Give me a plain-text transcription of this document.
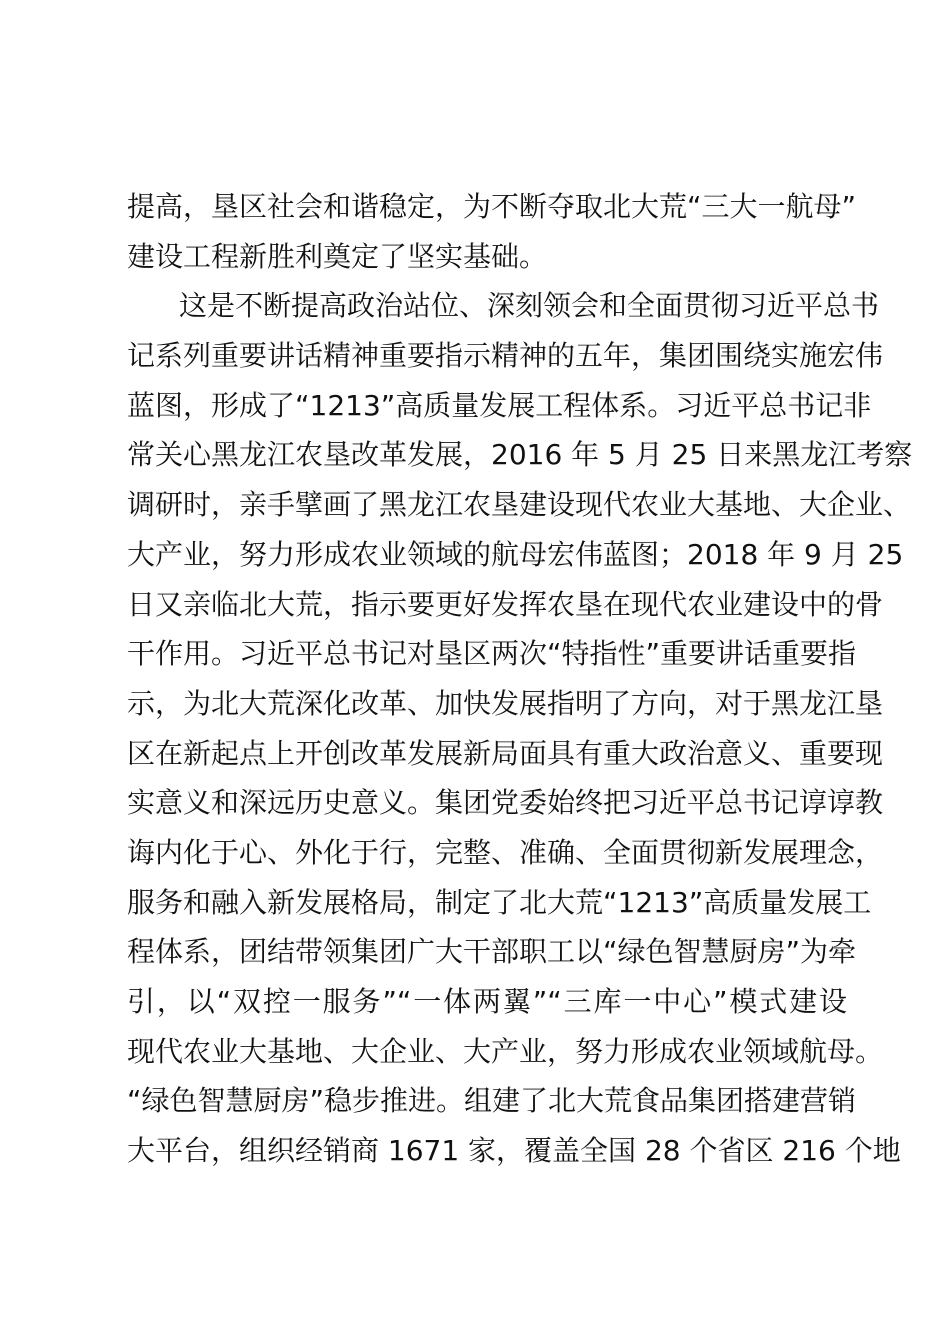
提高，垦区社会和谐稳定，为不断夺取北大荒“三大一航母”
建设工程新胜利奠定了坚实基础。
这是不断提高政治站位、深刻领会和全面贯彻习近平总书
记系列重要讲话精神重要指示精神的五年，集团围绕实施宏伟
蓝图，形成了“1213”高质量发展工程体系。习近平总书记非
常关心黑龙江农垦改革发展，2016 年 5 月 25 日来黑龙江考察
调研时，亲手擘画了黑龙江农垦建设现代农业大基地、大企业、
大产业，努力形成农业领域的航母宏伟蓝图；2018 年 9 月 25
日又亲临北大荒，指示要更好发挥农垦在现代农业建设中的骨
干作用。习近平总书记对垦区两次“特指性”重要讲话重要指
示，为北大荒深化改革、加快发展指明了方向，对于黑龙江垦
区在新起点上开创改革发展新局面具有重大政治意义、重要现
实意义和深远历史意义。集团党委始终把习近平总书记谆谆教
诲内化于心、外化于行，完整、准确、全面贯彻新发展理念，
服务和融入新发展格局，制定了北大荒“1213”高质量发展工
程体系，团结带领集团广大干部职工以“绿色智慧厨房”为牵
引，以“双控一服务”“一体两翼”“三库一中心”模式建设
现代农业大基地、大企业、大产业，努力形成农业领域航母。
“绿色智慧厨房”稳步推进。组建了北大荒食品集团搭建营销
大平台，组织经销商 1671 家，覆盖全国 28 个省区 216 个地
